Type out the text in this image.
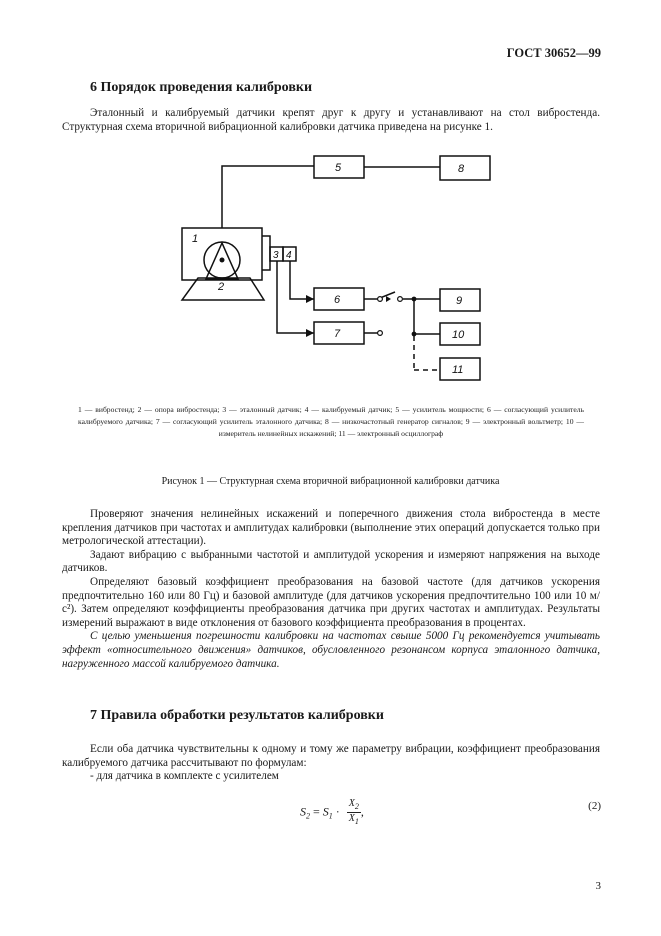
ГОСТ 30652—99
6 Порядок проведения калибровки

Эталонный и калибруемый датчики крепят друг к другу и устанавливают на стол вибростенда. Структурная схема вторичной вибрационной калибровки датчика приведена на рисунке 1.

1
2
3 4
5
6
7
8
9
10
11
1 — вибростенд; 2 — опора вибростенда; 3 — эталонный датчик; 4 — калибруемый датчик; 5 — усилитель мощности; 6 — согласующий усилитель калибруемого датчика; 7 — согласующий усилитель эталонного датчика; 8 — низкочастотный генератор сигналов; 9 — электронный вольтметр; 10 — измеритель нелинейных искажений; 11 — электронный осциллограф
Рисунок 1 — Структурная схема вторичной вибрационной калибровки датчика

Проверяют значения нелинейных искажений и поперечного движения стола вибростенда в месте крепления датчиков при частотах и амплитудах калибровки (выполнение этих операций допускается только при метрологической аттестации).

Задают вибрацию с выбранными частотой и амплитудой ускорения и измеряют напряжения на выходе датчиков.

Определяют базовый коэффициент преобразования на базовой частоте (для датчиков ускорения предпочтительно 160 или 80 Гц) и базовой амплитуде (для датчиков ускорения предпочтительно 100 или 10 м/с²). Затем определяют коэффициенты преобразования датчика при других частотах и амплитудах. Результаты измерений выражают в виде отклонения от базового коэффициента преобразования в процентах.

С целью уменьшения погрешности калибровки на частотах свыше 5000 Гц рекомендуется учитывать эффект «относительного движения» датчиков, обусловленного резонансом корпуса эталонного датчика, нагруженного массой калибруемого датчика.

7 Правила обработки результатов калибровки

Если оба датчика чувствительны к одному и тому же параметру вибрации, коэффициент преобразования калибруемого датчика рассчитывают по формулам:

- для датчика в комплекте с усилителем

$S_2 = S_1 \cdot \frac{X_2}{X_1}$ ,	(2)
3
